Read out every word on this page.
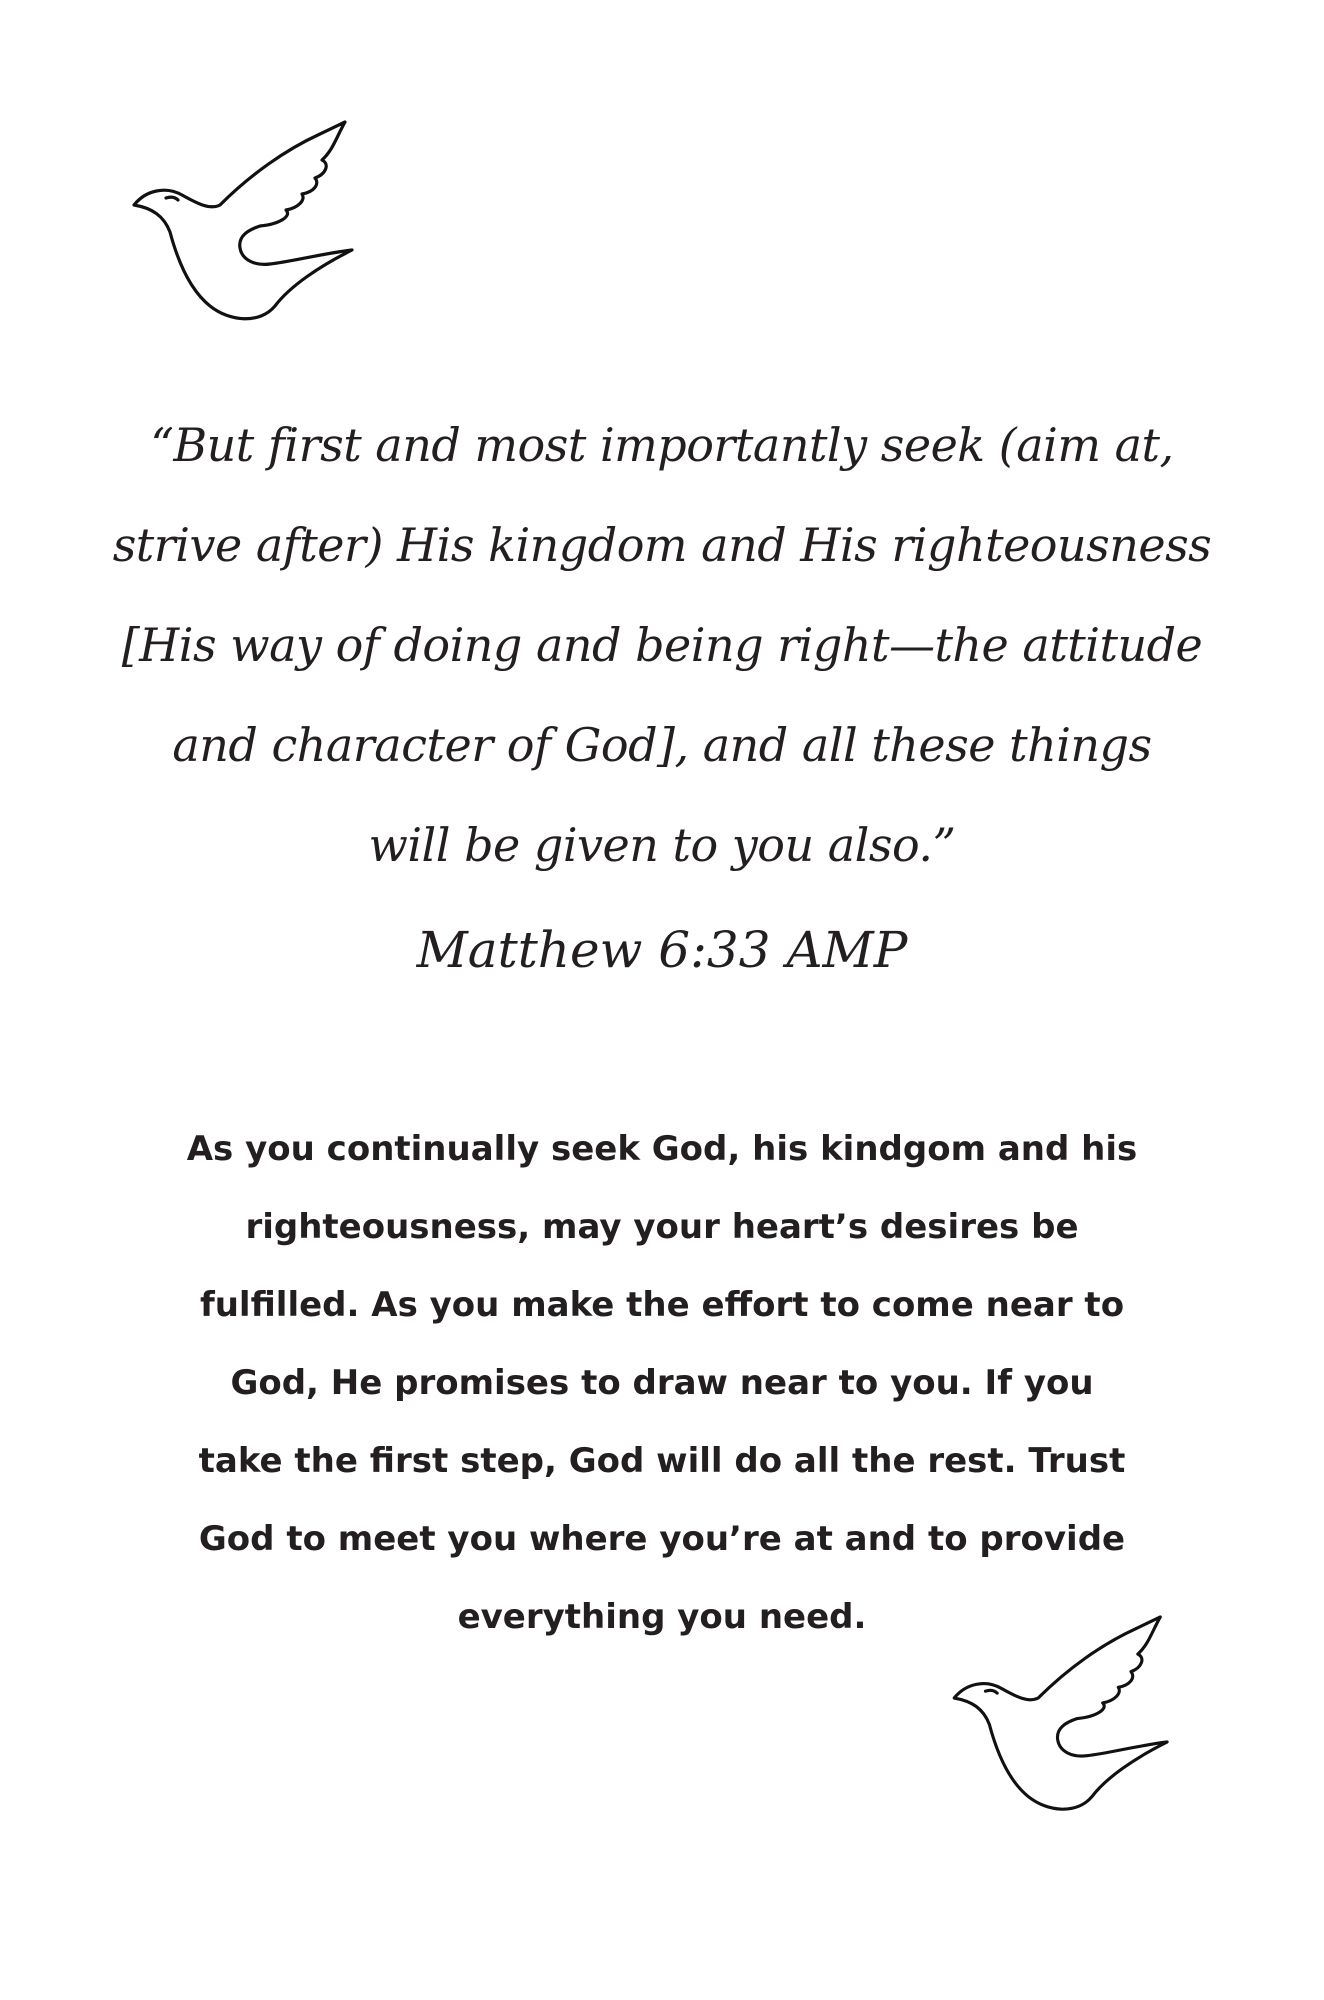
“But first and most importantly seek (aim at,
strive after) His kingdom and His righteousness
[His way of doing and being right—the attitude
and character of God], and all these things
will be given to you also.”
Matthew 6:33 AMP
As you continually seek God, his kindgom and his
righteousness, may your heart’s desires be
fulfilled. As you make the effort to come near to
God, He promises to draw near to you. If you
take the first step, God will do all the rest. Trust
God to meet you where you’re at and to provide
everything you need.
